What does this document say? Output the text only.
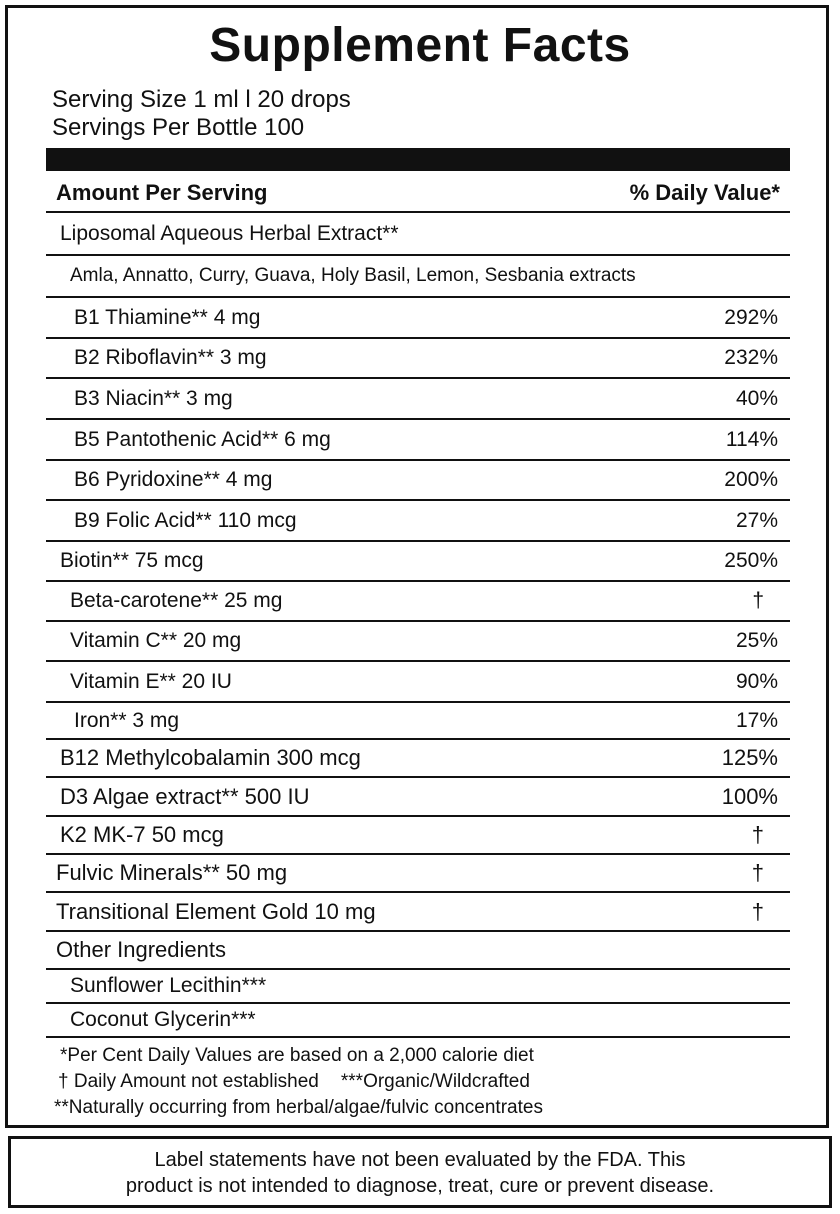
Supplement Facts
Serving Size 1 ml l 20 drops
Servings Per Bottle 100
Amount Per Serving	% Daily Value*
Liposomal Aqueous Herbal Extract**
Amla, Annatto, Curry, Guava, Holy Basil, Lemon, Sesbania extracts
B1 Thiamine** 4 mg	292%
B2 Riboflavin** 3 mg	232%
B3 Niacin** 3 mg	40%
B5 Pantothenic Acid** 6 mg	114%
B6 Pyridoxine** 4 mg	200%
B9 Folic Acid** 110 mcg	27%
Biotin** 75 mcg	250%
Beta-carotene** 25 mg	†
Vitamin C** 20 mg	25%
Vitamin E** 20 IU	90%
Iron** 3 mg	17%
B12 Methylcobalamin 300 mcg	125%
D3 Algae extract** 500 IU	100%
K2 MK-7 50 mcg	†
Fulvic Minerals** 50 mg	†
Transitional Element Gold 10 mg	†
Other Ingredients
Sunflower Lecithin***
Coconut Glycerin***
*Per Cent Daily Values are based on a 2,000 calorie diet
† Daily Amount not established ***Organic/Wildcrafted
**Naturally occurring from herbal/algae/fulvic concentrates
Label statements have not been evaluated by the FDA. This
product is not intended to diagnose, treat, cure or prevent disease.
